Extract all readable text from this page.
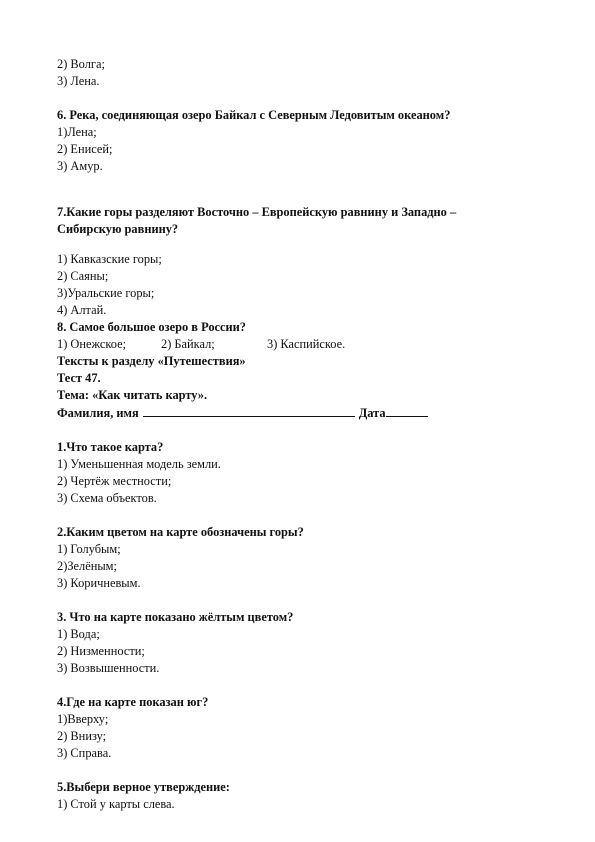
2) Волга;

3) Лена.

6. Река, соединяющая озеро Байкал с Северным Ледовитым океаном?

1)Лена;

2) Енисей;

3) Амур.

7.Какие горы разделяют Восточно – Европейскую равнину и Западно – Сибирскую равнину?

1) Кавказские горы;

2) Саяны;

3)Уральские горы;

4) Алтай.

8. Самое большое озеро в России?

1) Онежское;	2) Байкал;	3) Каспийское.

Тексты к разделу «Путешествия»

Тест 47.

Тема: «Как читать карту».

Фамилия, имя	Дата

1.Что такое карта?

1) Уменьшенная модель земли.

2) Чертёж местности;

3) Схема объектов.

2.Каким цветом на карте обозначены горы?

1) Голубым;

2)Зелёным;

3) Коричневым.

3. Что на карте показано жёлтым цветом?

1) Вода;

2) Низменности;

3) Возвышенности.

4.Где на карте показан юг?

1)Вверху;

2) Внизу;

3) Справа.

5.Выбери верное утверждение:

1) Стой у карты слева.
